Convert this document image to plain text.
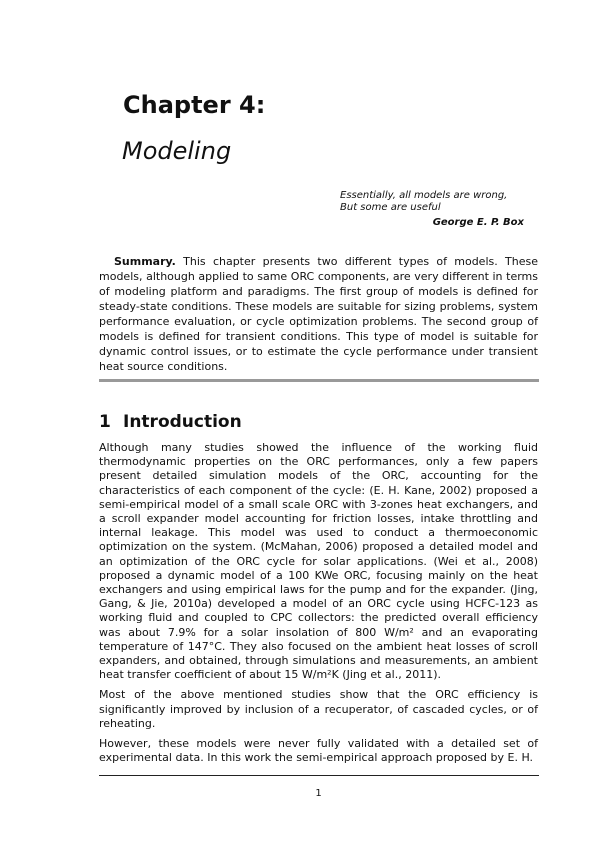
Chapter 4:
Modeling
Essentially, all models are wrong,
But some are useful
George E. P. Box

Summary. This chapter presents two different types of models. These models, although applied to same ORC components, are very different in terms of modeling platform and paradigms. The first group of models is defined for steady-state conditions. These models are suitable for sizing problems, system performance evaluation, or cycle optimization problems. The second group of models is defined for transient conditions. This type of model is suitable for dynamic control issues, or to estimate the cycle performance under transient heat source conditions.

1 Introduction

Although many studies showed the influence of the working fluid thermodynamic properties on the ORC performances, only a few papers present detailed simulation models of the ORC, accounting for the characteristics of each component of the cycle: (E. H. Kane, 2002) proposed a semi-empirical model of a small scale ORC with 3-zones heat exchangers, and a scroll expander model accounting for friction losses, intake throttling and internal leakage. This model was used to conduct a thermoeconomic optimization on the system. (McMahan, 2006) proposed a detailed model and an optimization of the ORC cycle for solar applications. (Wei et al., 2008) proposed a dynamic model of a 100 KWe ORC, focusing mainly on the heat exchangers and using empirical laws for the pump and for the expander. (Jing, Gang, & Jie, 2010a) developed a model of an ORC cycle using HCFC-123 as working fluid and coupled to CPC collectors: the predicted overall efficiency was about 7.9% for a solar insolation of 800 W/m² and an evaporating temperature of 147°C. They also focused on the ambient heat losses of scroll expanders, and obtained, through simulations and measurements, an ambient heat transfer coefficient of about 15 W/m²K (Jing et al., 2011).

Most of the above mentioned studies show that the ORC efficiency is significantly improved by inclusion of a recuperator, of cascaded cycles, or of reheating.

However, these models were never fully validated with a detailed set of experimental data. In this work the semi-empirical approach proposed by E. H.

1
